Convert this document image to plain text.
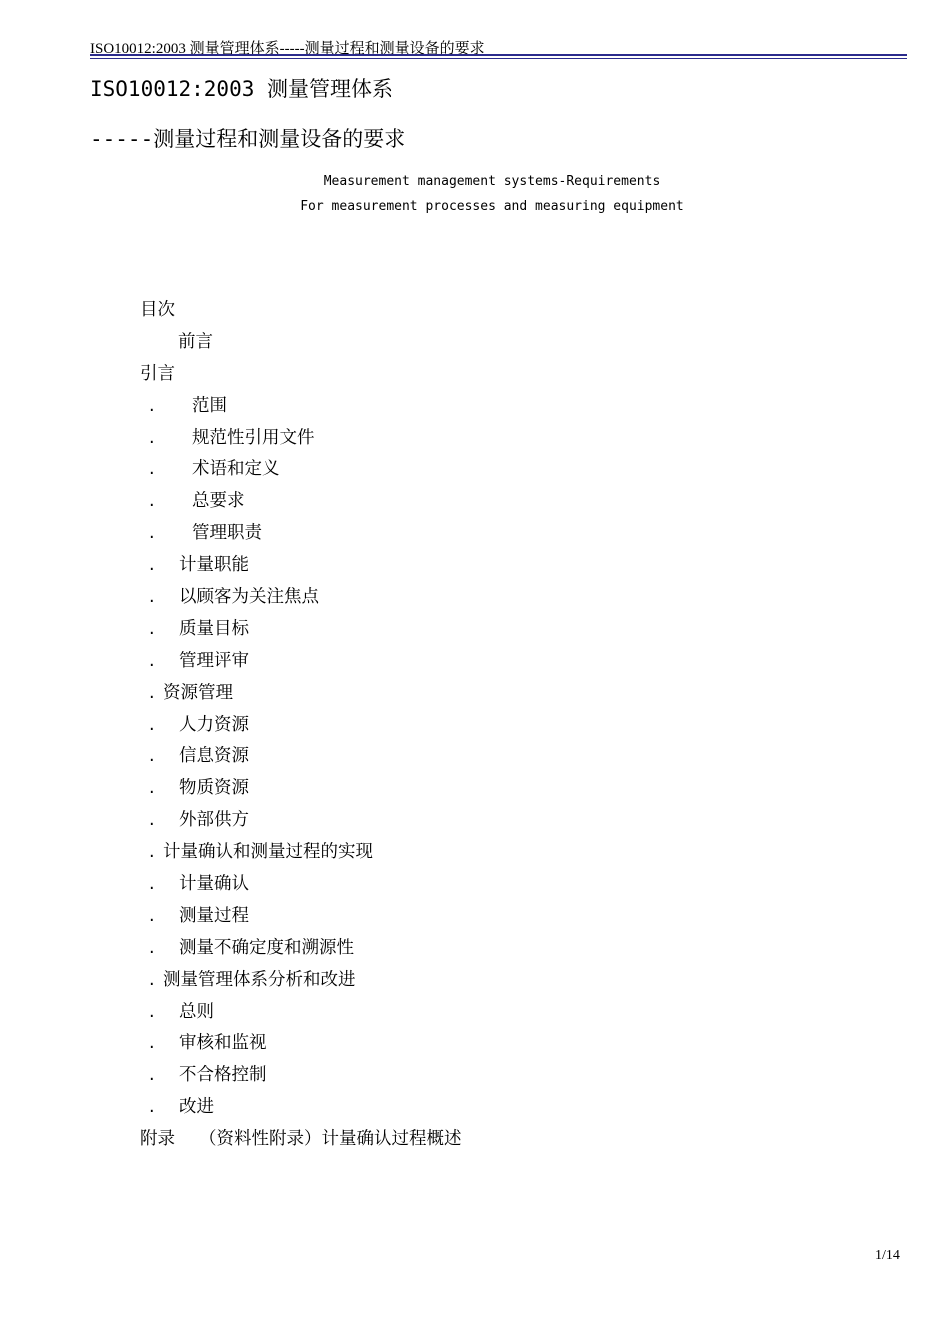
ISO10012:2003 测量管理体系-----测量过程和测量设备的要求
ISO10012:2003 测量管理体系
-----测量过程和测量设备的要求
Measurement management systems-Requirements
For measurement processes and measuring equipment
目次
前言
引言
. 范围
. 规范性引用文件
. 术语和定义
. 总要求
. 管理职责
. 计量职能
. 以顾客为关注焦点
. 质量目标
. 管理评审
. 资源管理
. 人力资源
. 信息资源
. 物质资源
. 外部供方
. 计量确认和测量过程的实现
. 计量确认
. 测量过程
. 测量不确定度和溯源性
. 测量管理体系分析和改进
. 总则
. 审核和监视
. 不合格控制
. 改进
附录 （资料性附录）计量确认过程概述
1/14
